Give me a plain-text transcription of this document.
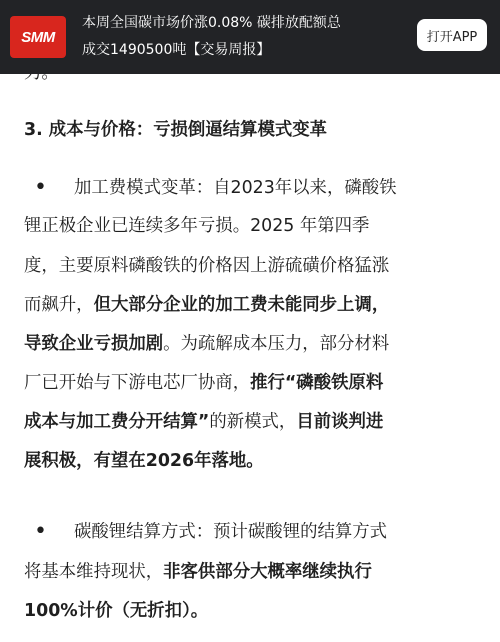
3. 成本与价格：亏损倒逼结算模式变革
• 加工费模式变革：自2023年以来，磷酸铁
锂正极企业已连续多年亏损。2025 年第四季
度，主要原料磷酸铁的价格因上游硫磺价格猛涨
而飙升，但大部分企业的加工费未能同步上调，
导致企业亏损加剧。为疏解成本压力，部分材料
厂已开始与下游电芯厂协商，推行“磷酸铁原料
成本与加工费分开结算”的新模式，目前谈判进
展积极，有望在2026年落地。
• 碳酸锂结算方式：预计碳酸锂的结算方式
将基本维持现状，非客供部分大概率继续执行
100%计价（无折扣）。
SMM
本周全国碳市场价涨0.08% 碳排放配额总
成交1490500吨【交易周报】
打开APP
